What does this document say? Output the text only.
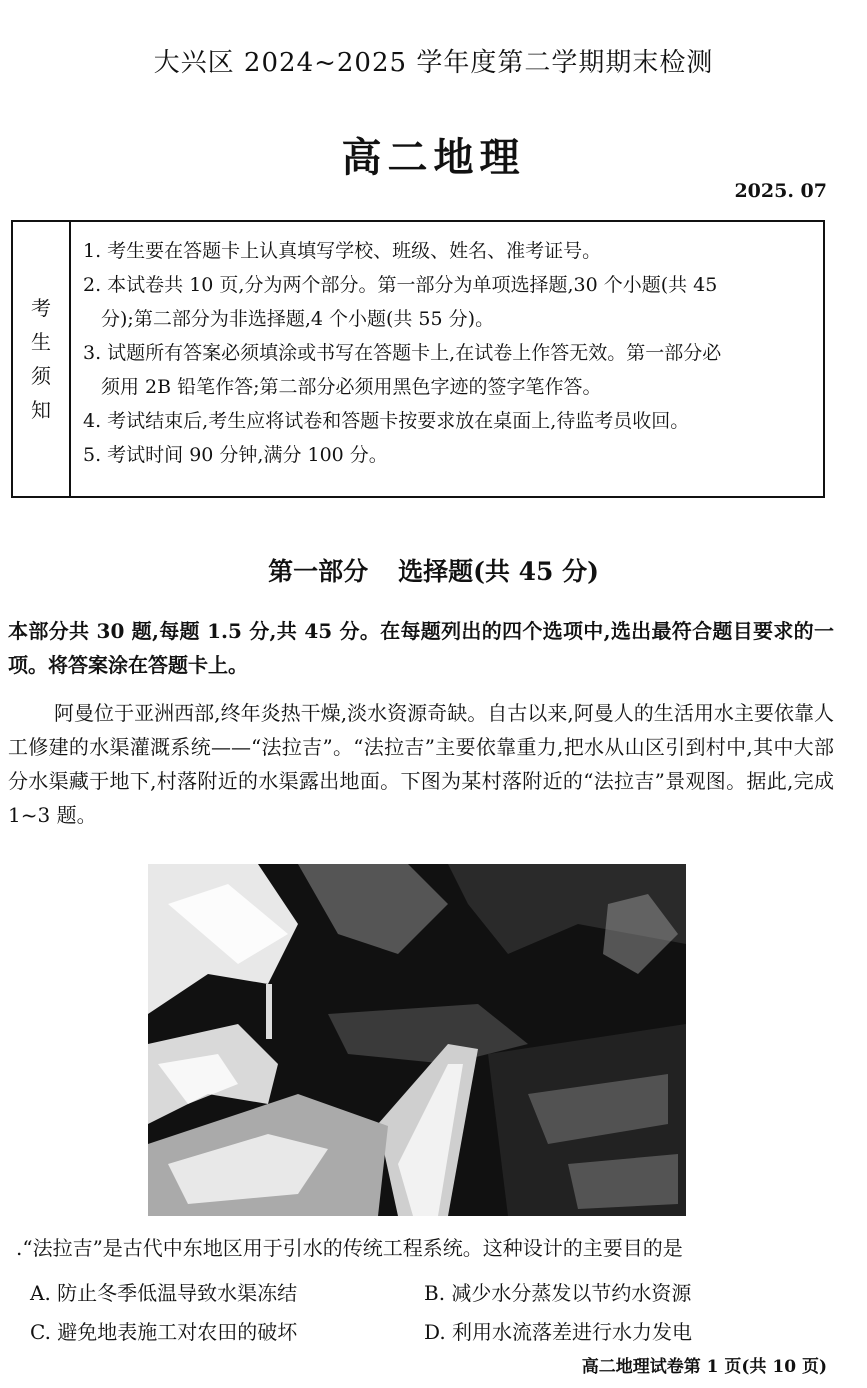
大兴区 2024~2025 学年度第二学期期末检测
高二地理
2025. 07
考
生
须
知
1. 考生要在答题卡上认真填写学校、班级、姓名、准考证号。
2. 本试卷共 10 页,分为两个部分。第一部分为单项选择题,30 个小题(共 45
分);第二部分为非选择题,4 个小题(共 55 分)。
3. 试题所有答案必须填涂或书写在答题卡上,在试卷上作答无效。第一部分必
须用 2B 铅笔作答;第二部分必须用黑色字迹的签字笔作答。
4. 考试结束后,考生应将试卷和答题卡按要求放在桌面上,待监考员收回。
5. 考试时间 90 分钟,满分 100 分。
第一部分 选择题(共 45 分)
本部分共 30 题,每题 1.5 分,共 45 分。在每题列出的四个选项中,选出最符合题目要求的一项。将答案涂在答题卡上。
阿曼位于亚洲西部,终年炎热干燥,淡水资源奇缺。自古以来,阿曼人的生活用水主要依靠人工修建的水渠灌溉系统——“法拉吉”。“法拉吉”主要依靠重力,把水从山区引到村中,其中大部分水渠藏于地下,村落附近的水渠露出地面。下图为某村落附近的“法拉吉”景观图。据此,完成 1~3 题。
.“法拉吉”是古代中东地区用于引水的传统工程系统。这种设计的主要目的是
A. 防止冬季低温导致水渠冻结	B. 减少水分蒸发以节约水资源
C. 避免地表施工对农田的破坏	D. 利用水流落差进行水力发电
高二地理试卷第 1 页(共 10 页)
